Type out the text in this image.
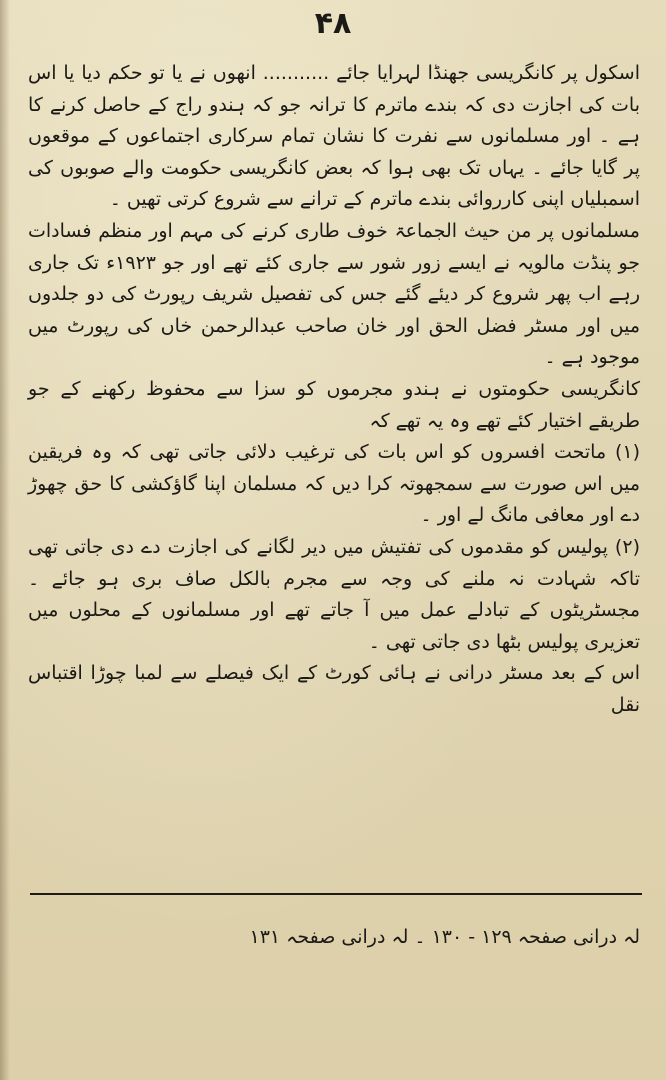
۴۸

اسکول پر کانگریسی جھنڈا لہرایا جائے ........... انھوں نے یا تو حکم دیا یا اس بات کی اجازت دی کہ بندے ماترم کا ترانہ جو کہ ہندو راج کے حاصل کرنے کا ہے ۔ اور مسلمانوں سے نفرت کا نشان تمام سرکاری اجتماعوں کے موقعوں پر گایا جائے ۔ یہاں تک بھی ہوا کہ بعض کانگریسی حکومت والے صوبوں کی اسمبلیاں اپنی کارروائی بندے ماترم کے ترانے سے شروع کرتی تھیں ۔

مسلمانوں پر من حیث الجماعۃ خوف طاری کرنے کی مہم اور منظم فسادات جو پنڈت مالویہ نے ایسے زور شور سے جاری کئے تھے اور جو ۱۹۲۳ء تک جاری رہے اب پھر شروع کر دیئے گئے جس کی تفصیل شریف رپورٹ کی دو جلدوں میں اور مسٹر فضل الحق اور خان صاحب عبدالرحمن خاں کی رپورٹ میں موجود ہے ۔

کانگریسی حکومتوں نے ہندو مجرموں کو سزا سے محفوظ رکھنے کے جو طریقے اختیار کئے تھے وہ یہ تھے کہ

(۱) ماتحت افسروں کو اس بات کی ترغیب دلائی جاتی تھی کہ وہ فریقین میں اس صورت سے سمجھوتہ کرا دیں کہ مسلمان اپنا گاؤکشی کا حق چھوڑ دے اور معافی مانگ لے اور ۔

(۲) پولیس کو مقدموں کی تفتیش میں دیر لگانے کی اجازت دے دی جاتی تھی تاکہ شہادت نہ ملنے کی وجہ سے مجرم بالکل صاف بری ہو جائے ۔ مجسٹریٹوں کے تبادلے عمل میں آ جاتے تھے اور مسلمانوں کے محلوں میں تعزیری پولیس بٹھا دی جاتی تھی ۔

اس کے بعد مسٹر درانی نے ہائی کورٹ کے ایک فیصلے سے لمبا چوڑا اقتباس نقل

لہ درانی صفحہ ۱۲۹ - ۱۳۰ ۔ لہ درانی صفحہ ۱۳۱
